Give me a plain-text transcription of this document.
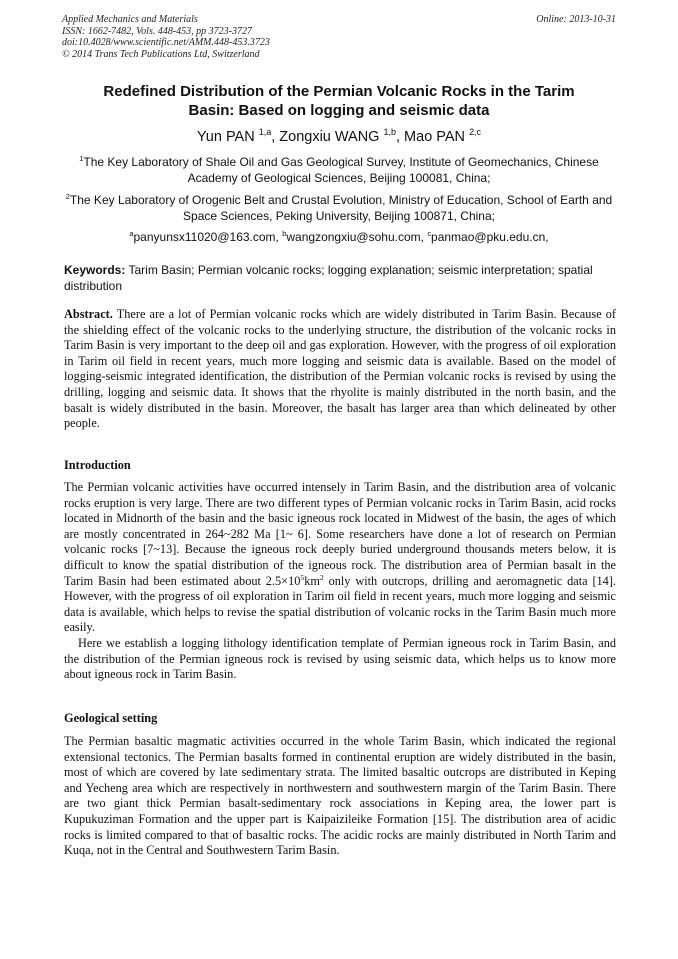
Applied Mechanics and Materials
ISSN: 1662-7482, Vols. 448-453, pp 3723-3727
doi:10.4028/www.scientific.net/AMM.448-453.3723
© 2014 Trans Tech Publications Ltd, Switzerland
Online: 2013-10-31
Redefined Distribution of the Permian Volcanic Rocks in the Tarim
Basin: Based on logging and seismic data
Yun PAN $^{1,a}$, Zongxiu WANG $^{1,b}$, Mao PAN $^{2,c}$
$^1$The Key Laboratory of Shale Oil and Gas Geological Survey, Institute of Geomechanics, Chinese Academy of Geological Sciences, Beijing 100081, China;
$^2$The Key Laboratory of Orogenic Belt and Crustal Evolution, Ministry of Education, School of Earth and Space Sciences, Peking University, Beijing 100871, China;
$^a$panyunsx11020@163.com, $^b$wangzongxiu@sohu.com, $^c$panmao@pku.edu.cn,
Keywords: Tarim Basin; Permian volcanic rocks; logging explanation; seismic interpretation; spatial distribution

Abstract. There are a lot of Permian volcanic rocks which are widely distributed in Tarim Basin. Because of the shielding effect of the volcanic rocks to the underlying structure, the distribution of the volcanic rocks in Tarim Basin is very important to the deep oil and gas exploration. However, with the progress of oil exploration in Tarim oil field in recent years, much more logging and seismic data is available. Based on the model of logging-seismic integrated identification, the distribution of the Permian volcanic rocks is revised by using the drilling, logging and seismic data. It shows that the rhyolite is mainly distributed in the north basin, and the basalt is widely distributed in the basin. Moreover, the basalt has larger area than which delineated by other people.

Introduction

The Permian volcanic activities have occurred intensely in Tarim Basin, and the distribution area of volcanic rocks eruption is very large. There are two different types of Permian volcanic rocks in Tarim Basin, acid rocks located in Midnorth of the basin and the basic igneous rock located in Midwest of the basin, the ages of which are mostly concentrated in 264~282 Ma [1~ 6]. Some researchers have done a lot of research on Permian volcanic rocks [7~13]. Because the igneous rock deeply buried underground thousands meters below, it is difficult to know the spatial distribution of the igneous rock. The distribution area of Permian basalt in the Tarim Basin had been estimated about $2.5\times 10^5km^2$ only with outcrops, drilling and aeromagnetic data [14]. However, with the progress of oil exploration in Tarim oil field in recent years, much more logging and seismic data is available, which helps to revise the spatial distribution of volcanic rocks in the Tarim Basin much more easily.

Here we establish a logging lithology identification template of Permian igneous rock in Tarim Basin, and the distribution of the Permian igneous rock is revised by using seismic data, which helps us to know more about igneous rock in Tarim Basin.

Geological setting

The Permian basaltic magmatic activities occurred in the whole Tarim Basin, which indicated the regional extensional tectonics. The Permian basalts formed in continental eruption are widely distributed in the basin, most of which are covered by late sedimentary strata. The limited basaltic outcrops are distributed in Keping and Yecheng area which are respectively in northwestern and southwestern margin of the Tarim Basin. There are two giant thick Permian basalt-sedimentary rock associations in Keping area, the lower part is Kupukuziman Formation and the upper part is Kaipaizileike Formation [15]. The distribution area of acidic rocks is limited compared to that of basaltic rocks. The acidic rocks are mainly distributed in North Tarim and Kuqa, not in the Central and Southwestern Tarim Basin.
